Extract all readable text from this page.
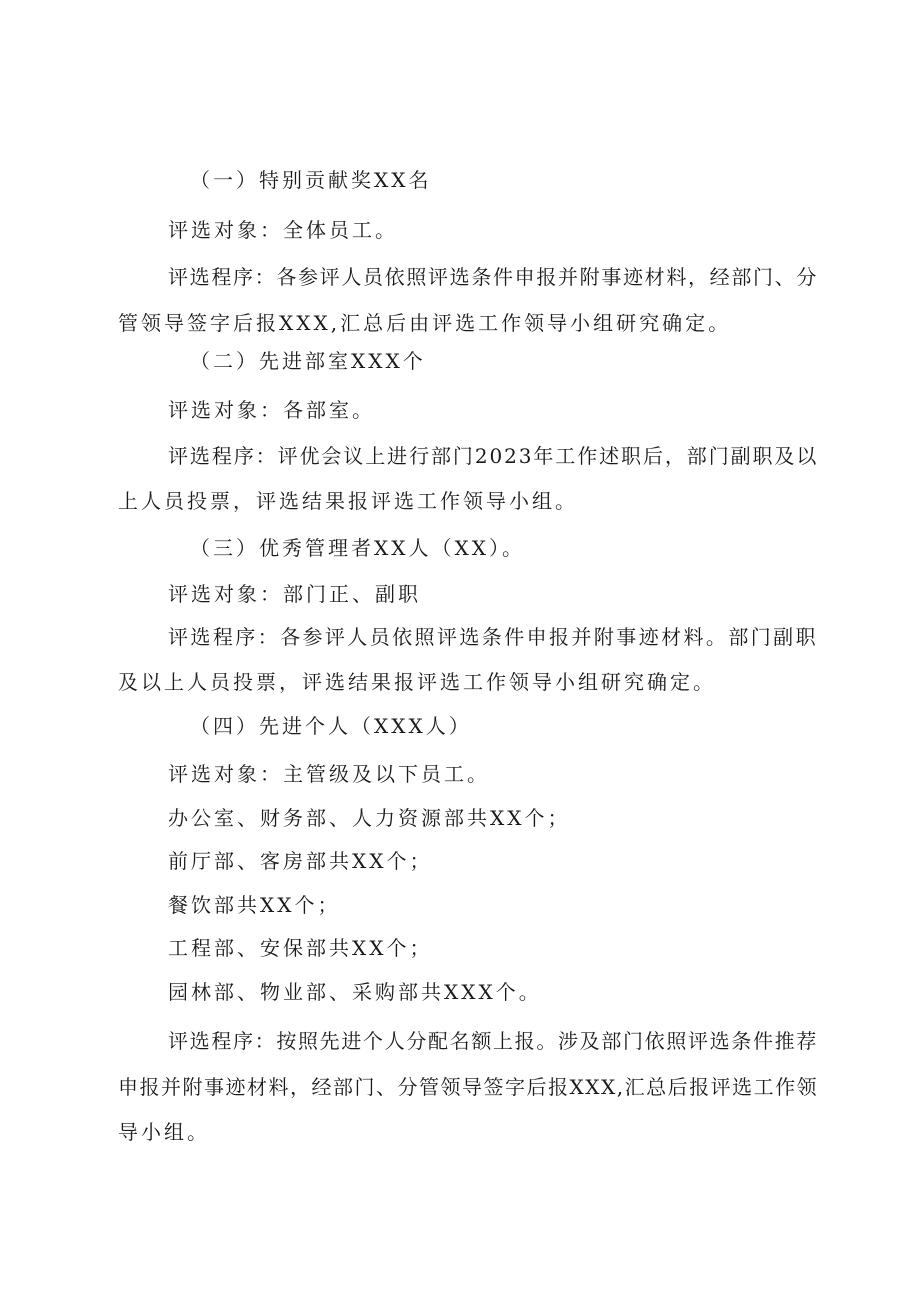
（一）特别贡献奖XX名
评选对象：全体员工。
评选程序：各参评人员依照评选条件申报并附事迹材料，经部门、分
管领导签字后报XXX,汇总后由评选工作领导小组研究确定。
（二）先进部室XXX个
评选对象：各部室。
评选程序：评优会议上进行部门2023年工作述职后，部门副职及以
上人员投票，评选结果报评选工作领导小组。
（三）优秀管理者XX人（XX）。
评选对象：部门正、副职
评选程序：各参评人员依照评选条件申报并附事迹材料。部门副职
及以上人员投票，评选结果报评选工作领导小组研究确定。
（四）先进个人（XXX人）
评选对象：主管级及以下员工。
办公室、财务部、人力资源部共XX个；
前厅部、客房部共XX个；
餐饮部共XX个；
工程部、安保部共XX个；
园林部、物业部、采购部共XXX个。
评选程序：按照先进个人分配名额上报。涉及部门依照评选条件推荐
申报并附事迹材料，经部门、分管领导签字后报XXX,汇总后报评选工作领
导小组。
